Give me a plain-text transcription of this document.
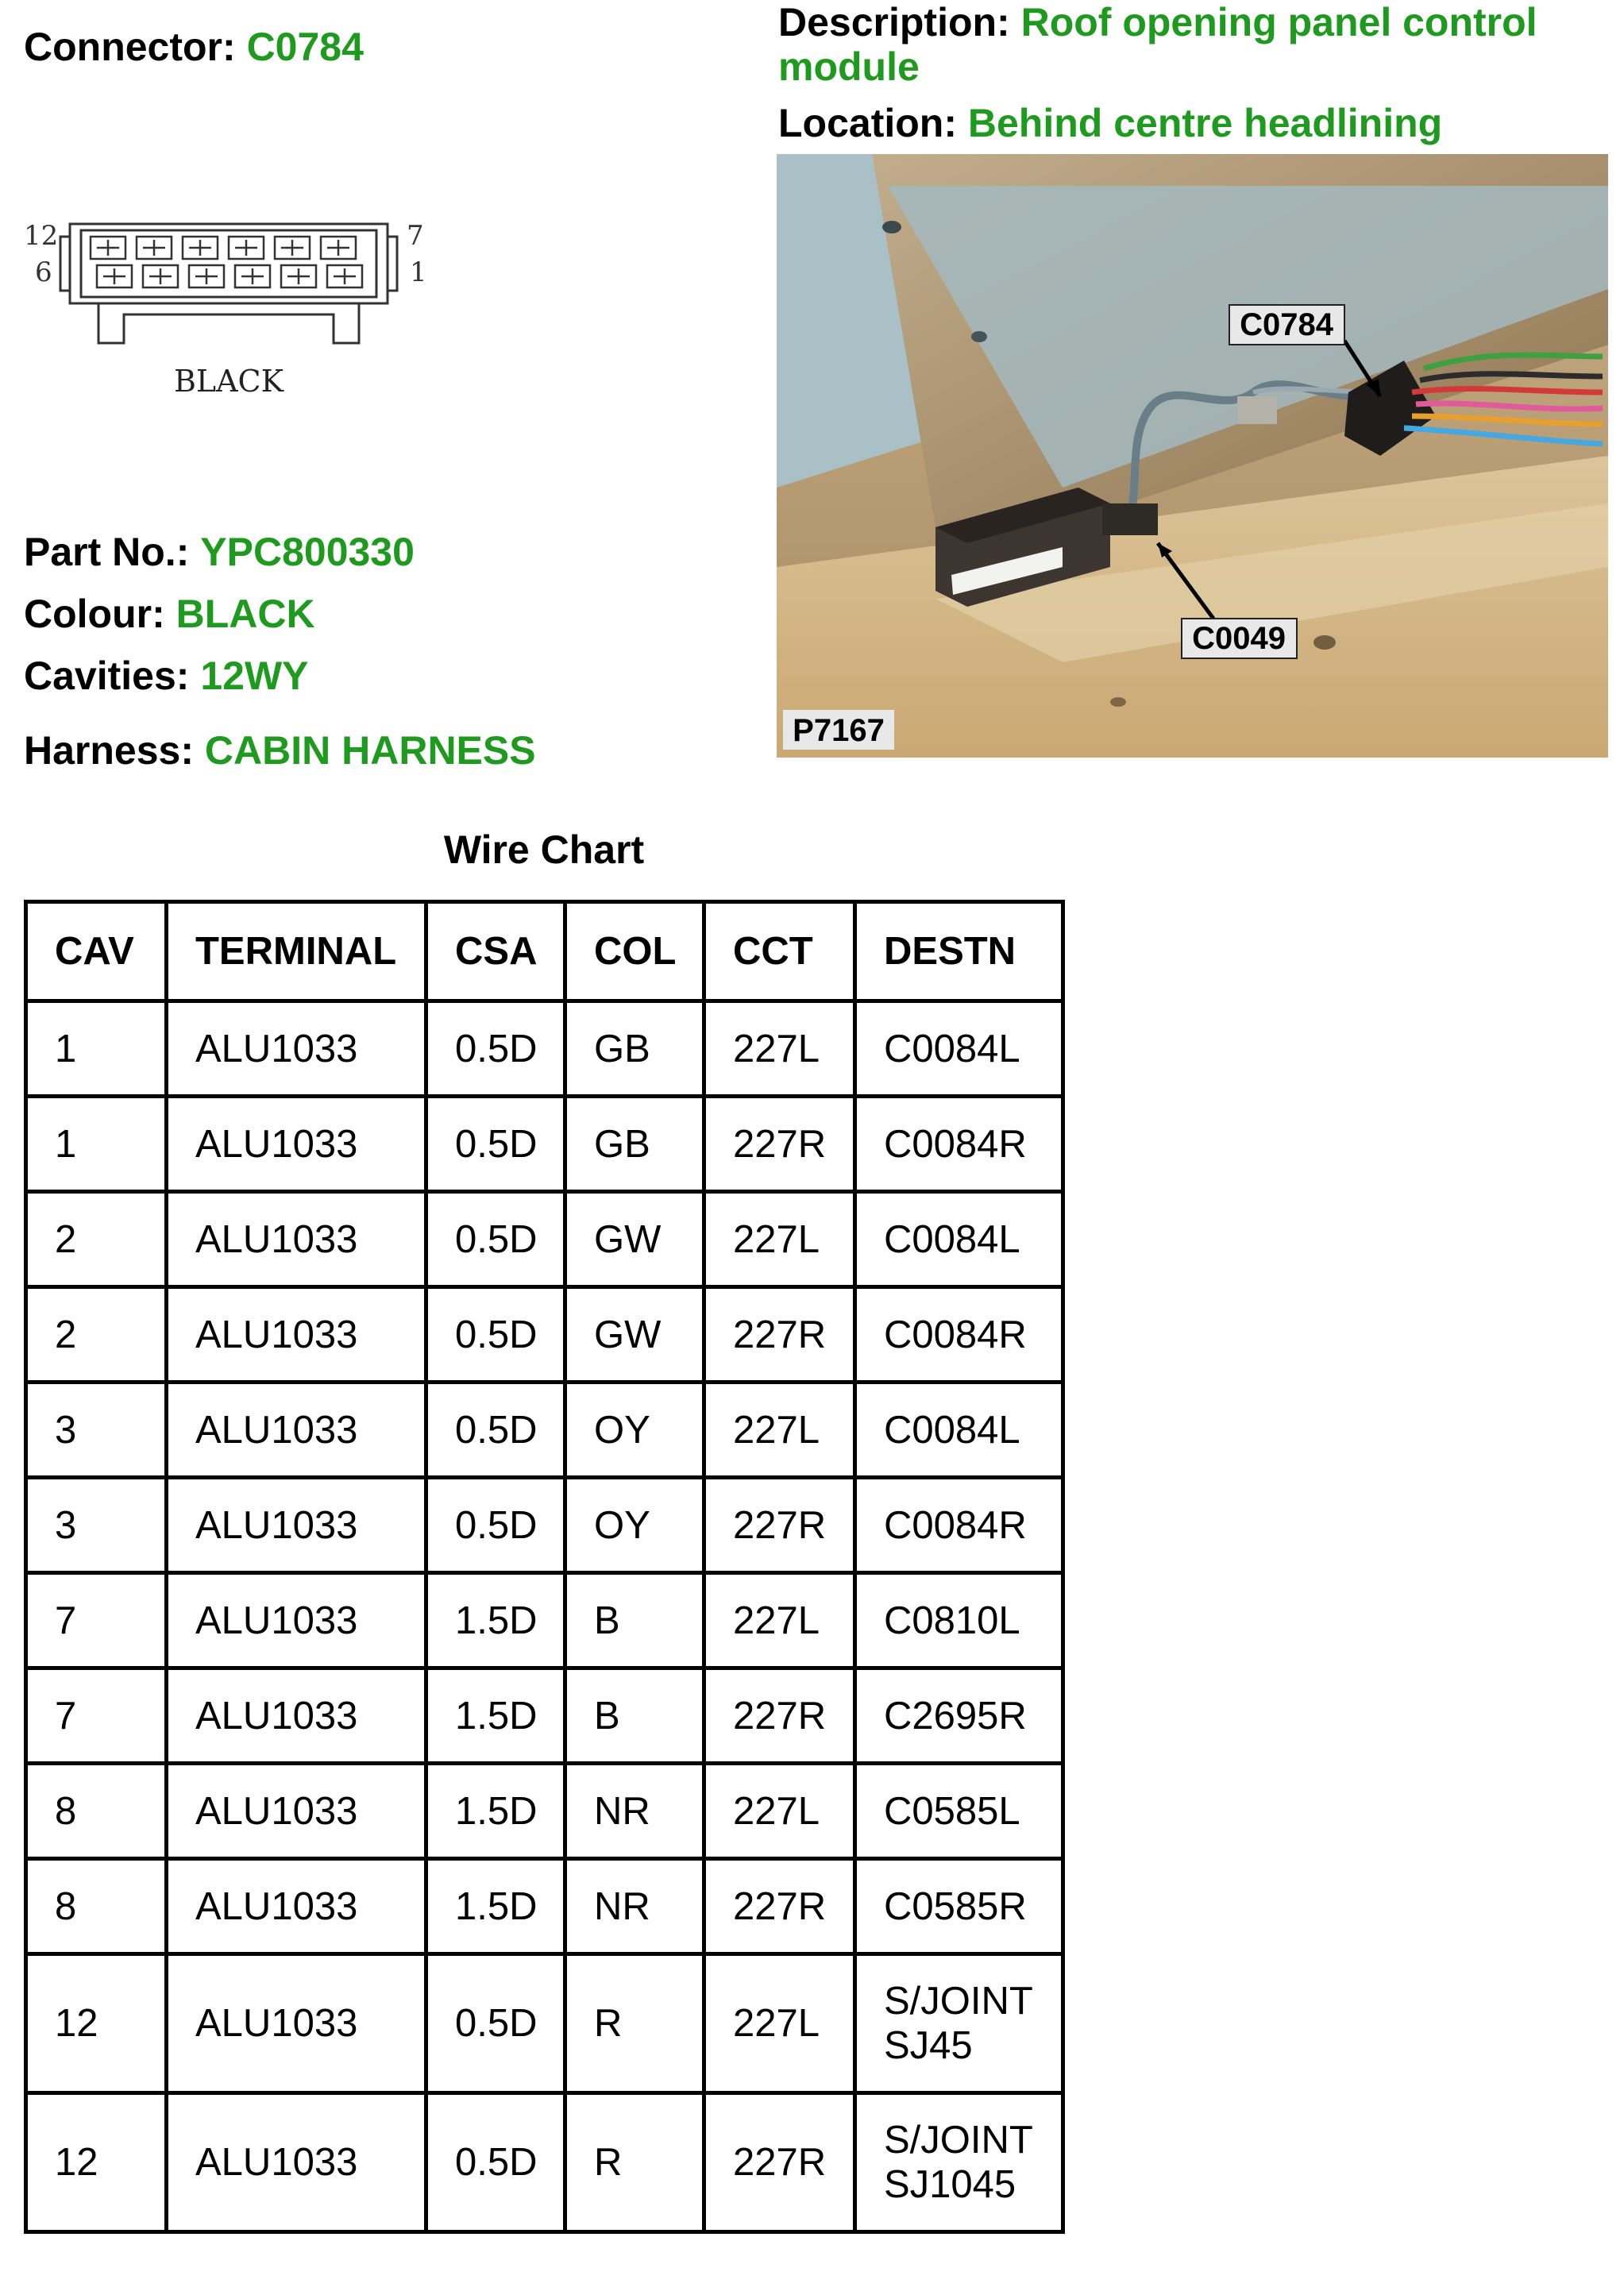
Connector: C0784
Description: Roof opening panel control module
Location: Behind centre headlining
12
6
7
1
BLACK
Part No.: YPC800330
Colour: BLACK
Cavities: 12WY
Harness: CABIN HARNESS
C0784
C0049
P7167
Wire Chart
CAV	TERMINAL	CSA	COL	CCT	DESTN
1	ALU1033	0.5D	GB	227L	C0084L
1	ALU1033	0.5D	GB	227R	C0084R
2	ALU1033	0.5D	GW	227L	C0084L
2	ALU1033	0.5D	GW	227R	C0084R
3	ALU1033	0.5D	OY	227L	C0084L
3	ALU1033	0.5D	OY	227R	C0084R
7	ALU1033	1.5D	B	227L	C0810L
7	ALU1033	1.5D	B	227R	C2695R
8	ALU1033	1.5D	NR	227L	C0585L
8	ALU1033	1.5D	NR	227R	C0585R
12	ALU1033	0.5D	R	227L	S/JOINT
SJ45

12	ALU1033	0.5D	R	227R	S/JOINT
SJ1045
